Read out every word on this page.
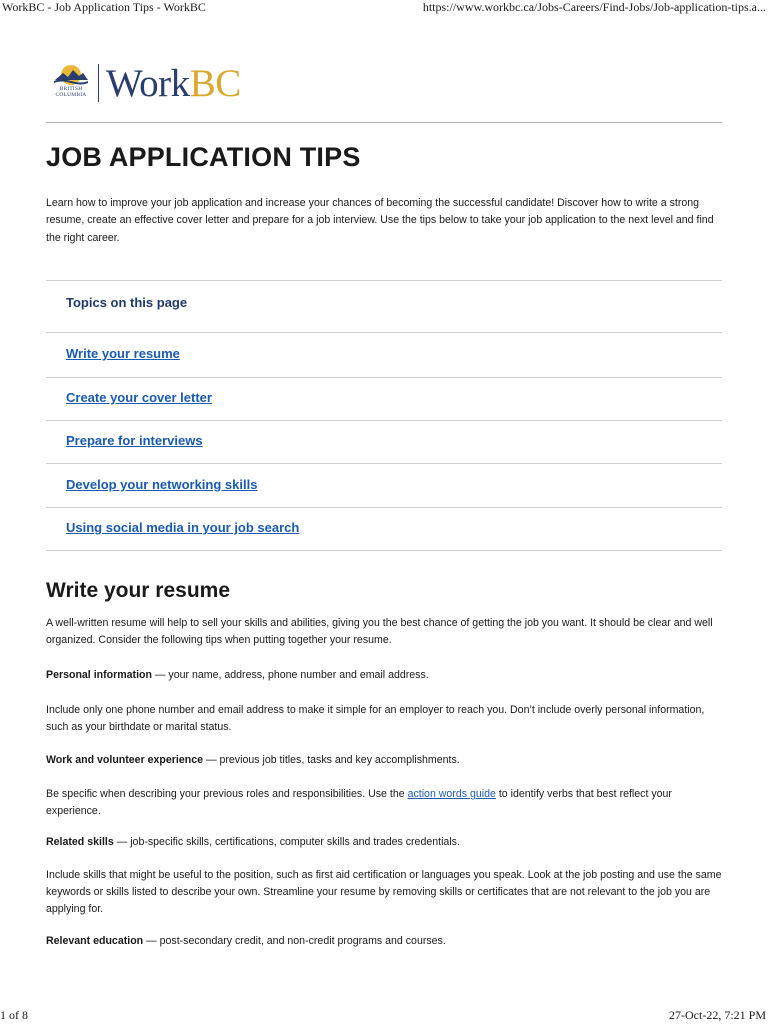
WorkBC - Job Application Tips - WorkBC	https://www.workbc.ca/Jobs-Careers/Find-Jobs/Job-application-tips.a...
BRITISH
COLUMBIA WorkBC
JOB APPLICATION TIPS

Learn how to improve your job application and increase your chances of becoming the successful candidate! Discover how to write a strong resume, create an effective cover letter and prepare for a job interview. Use the tips below to take your job application to the next level and find the right career.

Topics on this page
Write your resume
Create your cover letter
Prepare for interviews
Develop your networking skills
Using social media in your job search
Write your resume

A well-written resume will help to sell your skills and abilities, giving you the best chance of getting the job you want. It should be clear and well organized. Consider the following tips when putting together your resume.

Personal information — your name, address, phone number and email address.

Include only one phone number and email address to make it simple for an employer to reach you. Don’t include overly personal information, such as your birthdate or marital status.

Work and volunteer experience — previous job titles, tasks and key accomplishments.

Be specific when describing your previous roles and responsibilities. Use the action words guide to identify verbs that best reflect your experience.

Related skills — job-specific skills, certifications, computer skills and trades credentials.

Include skills that might be useful to the position, such as first aid certification or languages you speak. Look at the job posting and use the same keywords or skills listed to describe your own. Streamline your resume by removing skills or certificates that are not relevant to the job you are applying for.

Relevant education — post-secondary credit, and non-credit programs and courses.

1 of 8	27-Oct-22, 7:21 PM
